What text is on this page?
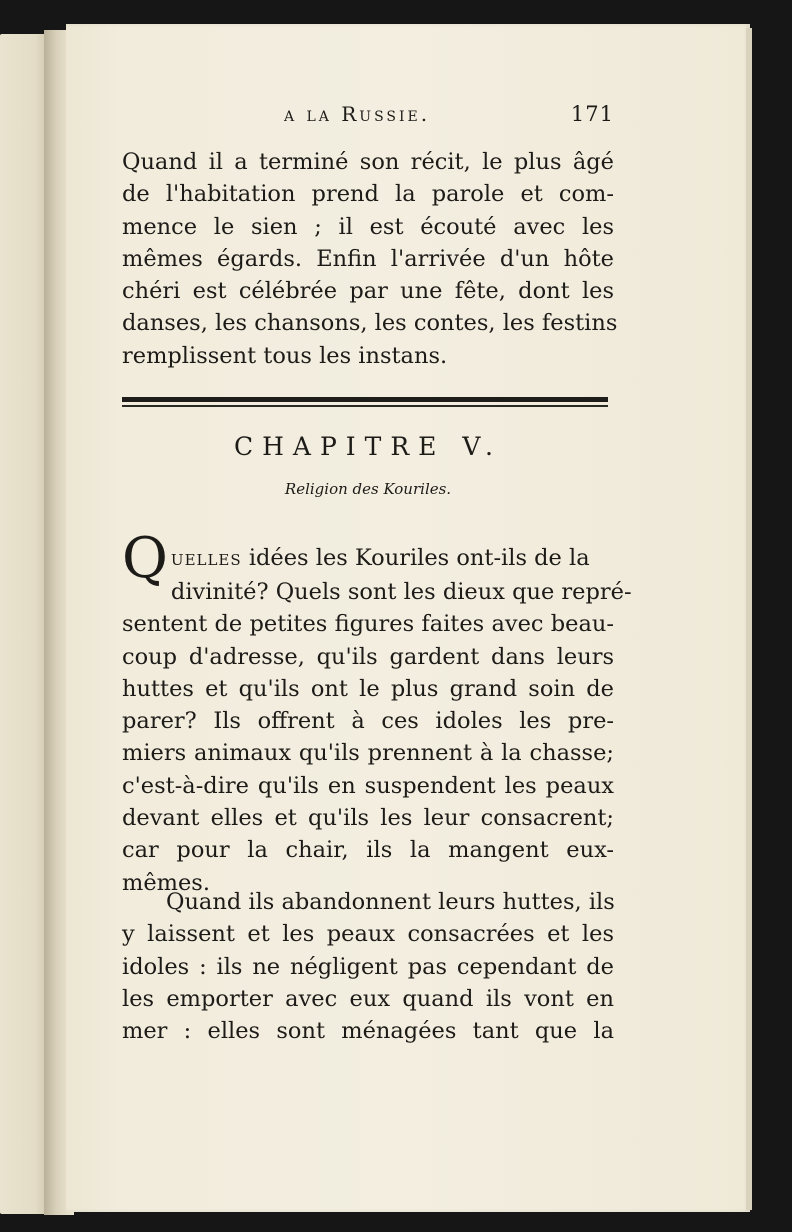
a la Russie.	171
Quand il a terminé son récit, le plus âgé
de l'habitation prend la parole et com-
mence le sien ; il est écouté avec les
mêmes égards. Enfin l'arrivée d'un hôte
chéri est célébrée par une fête, dont les
danses, les chansons, les contes, les festins
remplissent tous les instans.
CHAPITRE V.
Religion des Kouriles.
Q uelles idées les Kouriles ont-ils de la
divinité? Quels sont les dieux que repré-
sentent de petites figures faites avec beau-
coup d'adresse, qu'ils gardent dans leurs
huttes et qu'ils ont le plus grand soin de
parer? Ils offrent à ces idoles les pre-
miers animaux qu'ils prennent à la chasse;
c'est-à-dire qu'ils en suspendent les peaux
devant elles et qu'ils les leur consacrent;
car pour la chair, ils la mangent eux-
mêmes.
Quand ils abandonnent leurs huttes, ils
y laissent et les peaux consacrées et les
idoles : ils ne négligent pas cependant de
les emporter avec eux quand ils vont en
mer : elles sont ménagées tant que la
